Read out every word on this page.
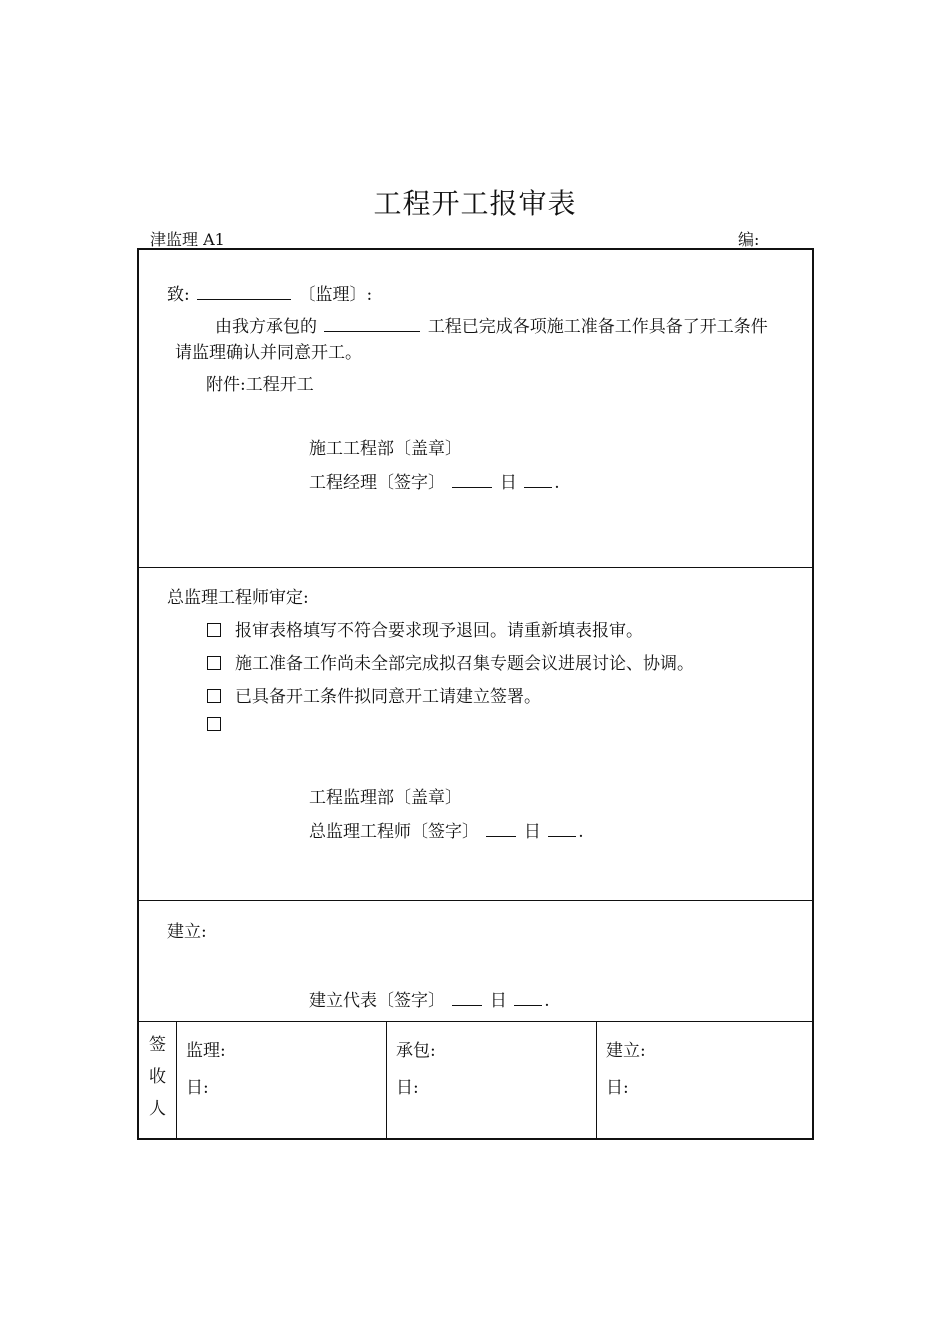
工程开工报审表
津监理 A1	编:
致:	〔监理〕:
由我方承包的	工程已完成各项施工准备工作具备了开工条件
请监理确认并同意开工。
附件:工程开工
施工工程部〔盖章〕
工程经理〔签字〕	日 .
总监理工程师审定:
报审表格填写不符合要求现予退回。请重新填表报审。
施工准备工作尚未全部完成拟召集专题会议进展讨论、协调。
已具备开工条件拟同意开工请建立签署。
工程监理部〔盖章〕
总监理工程师〔签字〕	日 .
建立:
建立代表〔签字〕	日 .
签
收
人
监理:
日:
承包:
日:
建立:
日:
